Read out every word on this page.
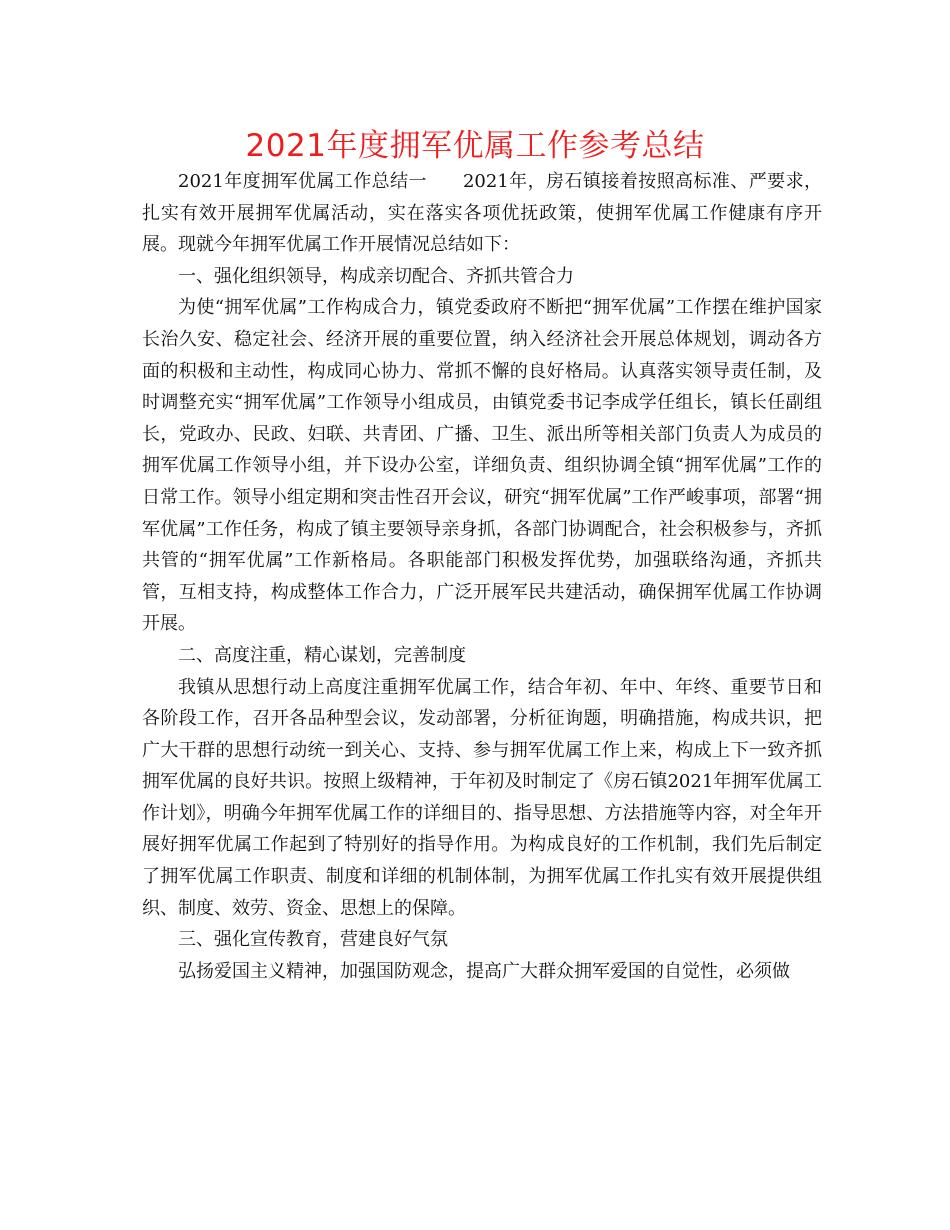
2021年度拥军优属工作参考总结

2021年度拥军优属工作总结一 2021年，房石镇接着按照高标准、严要求，扎实有效开展拥军优属活动，实在落实各项优抚政策，使拥军优属工作健康有序开展。现就今年拥军优属工作开展情况总结如下：

一、强化组织领导，构成亲切配合、齐抓共管合力

为使“拥军优属”工作构成合力，镇党委政府不断把“拥军优属”工作摆在维护国家长治久安、稳定社会、经济开展的重要位置，纳入经济社会开展总体规划，调动各方面的积极和主动性，构成同心协力、常抓不懈的良好格局。认真落实领导责任制，及时调整充实“拥军优属”工作领导小组成员，由镇党委书记李成学任组长，镇长任副组长，党政办、民政、妇联、共青团、广播、卫生、派出所等相关部门负责人为成员的拥军优属工作领导小组，并下设办公室，详细负责、组织协调全镇“拥军优属”工作的日常工作。领导小组定期和突击性召开会议，研究“拥军优属”工作严峻事项，部署“拥军优属”工作任务，构成了镇主要领导亲身抓，各部门协调配合，社会积极参与，齐抓共管的“拥军优属”工作新格局。各职能部门积极发挥优势，加强联络沟通，齐抓共管，互相支持，构成整体工作合力，广泛开展军民共建活动，确保拥军优属工作协调开展。

二、高度注重，精心谋划，完善制度

我镇从思想行动上高度注重拥军优属工作，结合年初、年中、年终、重要节日和各阶段工作，召开各品种型会议，发动部署，分析征询题，明确措施，构成共识，把广大干群的思想行动统一到关心、支持、参与拥军优属工作上来，构成上下一致齐抓拥军优属的良好共识。按照上级精神，于年初及时制定了《房石镇2021年拥军优属工作计划》，明确今年拥军优属工作的详细目的、指导思想、方法措施等内容，对全年开展好拥军优属工作起到了特别好的指导作用。为构成良好的工作机制，我们先后制定了拥军优属工作职责、制度和详细的机制体制，为拥军优属工作扎实有效开展提供组织、制度、效劳、资金、思想上的保障。

三、强化宣传教育，营建良好气氛

弘扬爱国主义精神，加强国防观念，提高广大群众拥军爱国的自觉性，必须做
